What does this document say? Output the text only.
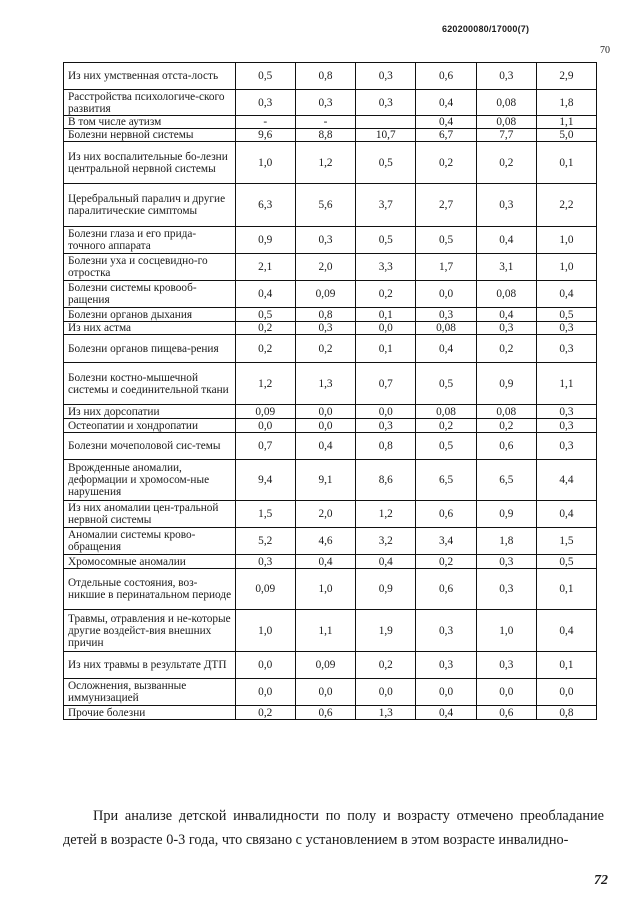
620200080/17000(7)
70
Из них умственная отста-лость	0,5	0,8	0,3	0,6	0,3	2,9
Расстройства психологиче-ского развития	0,3	0,3	0,3	0,4	0,08	1,8
В том числе аутизм	-	-		0,4	0,08	1,1
Болезни нервной системы	9,6	8,8	10,7	6,7	7,7	5,0
Из них воспалительные бо-лезни центральной нервной системы	1,0	1,2	0,5	0,2	0,2	0,1
Церебральный паралич и другие паралитические симптомы	6,3	5,6	3,7	2,7	0,3	2,2
Болезни глаза и его прида-точного аппарата	0,9	0,3	0,5	0,5	0,4	1,0
Болезни уха и сосцевидно-го отростка	2,1	2,0	3,3	1,7	3,1	1,0
Болезни системы кровооб-ращения	0,4	0,09	0,2	0,0	0,08	0,4
Болезни органов дыхания	0,5	0,8	0,1	0,3	0,4	0,5
Из них астма	0,2	0,3	0,0	0,08	0,3	0,3
Болезни органов пищева-рения	0,2	0,2	0,1	0,4	0,2	0,3
Болезни костно-мышечной системы и соединительной ткани	1,2	1,3	0,7	0,5	0,9	1,1
Из них дорсопатии	0,09	0,0	0,0	0,08	0,08	0,3
Остеопатии и хондропатии	0,0	0,0	0,3	0,2	0,2	0,3
Болезни мочеполовой сис-темы	0,7	0,4	0,8	0,5	0,6	0,3
Врожденные аномалии, деформации и хромосом-ные нарушения	9,4	9,1	8,6	6,5	6,5	4,4
Из них аномалии цен-тральной нервной системы	1,5	2,0	1,2	0,6	0,9	0,4
Аномалии системы крово-обращения	5,2	4,6	3,2	3,4	1,8	1,5
Хромосомные аномалии	0,3	0,4	0,4	0,2	0,3	0,5
Отдельные состояния, воз-никшие в перинатальном периоде	0,09	1,0	0,9	0,6	0,3	0,1
Травмы, отравления и не-которые другие воздейст-вия внешних причин	1,0	1,1	1,9	0,3	1,0	0,4
Из них травмы в результате ДТП	0,0	0,09	0,2	0,3	0,3	0,1
Осложнения, вызванные иммунизацией	0,0	0,0	0,0	0,0	0,0	0,0
Прочие болезни	0,2	0,6	1,3	0,4	0,6	0,8
При анализе детской инвалидности по полу и возрасту отмечено преобладание детей в возрасте 0-3 года, что связано с установлением в этом возрасте инвалидно-
72
